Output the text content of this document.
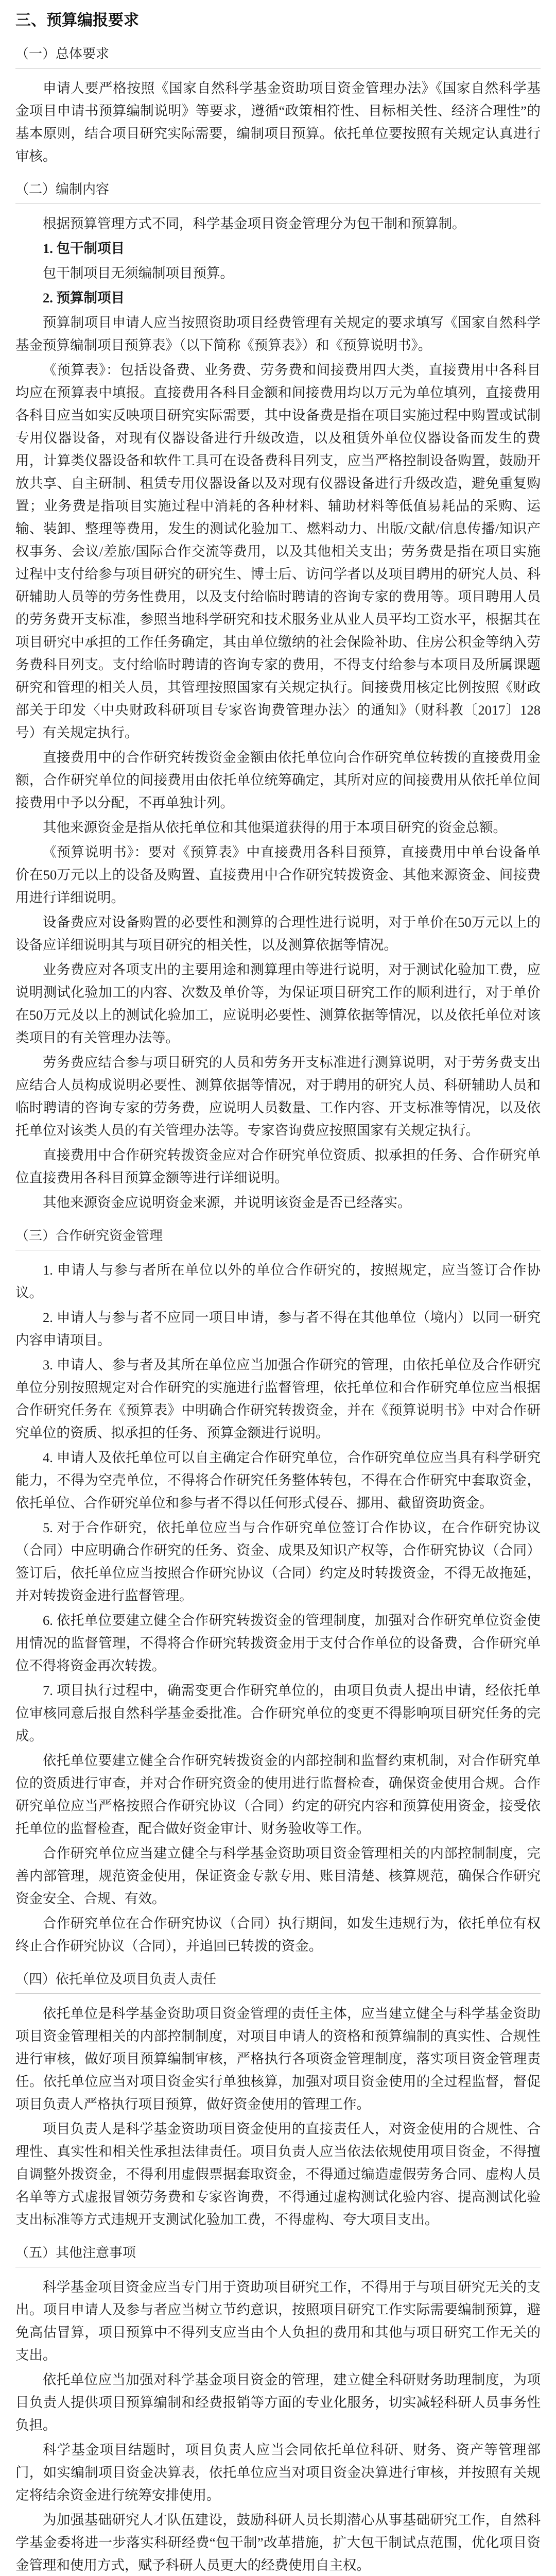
三、预算编报要求
（一）总体要求

申请人要严格按照《国家自然科学基金资助项目资金管理办法》《国家自然科学基金项目申请书预算编制说明》等要求，遵循“政策相符性、目标相关性、经济合理性”的基本原则，结合项目研究实际需要，编制项目预算。依托单位要按照有关规定认真进行审核。

（二）编制内容

根据预算管理方式不同，科学基金项目资金管理分为包干制和预算制。

1. 包干制项目

包干制项目无须编制项目预算。

2. 预算制项目

预算制项目申请人应当按照资助项目经费管理有关规定的要求填写《国家自然科学基金预算编制项目预算表》（以下简称《预算表》）和《预算说明书》。

《预算表》：包括设备费、业务费、劳务费和间接费用四大类，直接费用中各科目均应在预算表中填报。直接费用各科目金额和间接费用均以万元为单位填列，直接费用各科目应当如实反映项目研究实际需要，其中设备费是指在项目实施过程中购置或试制专用仪器设备，对现有仪器设备进行升级改造，以及租赁外单位仪器设备而发生的费用，计算类仪器设备和软件工具可在设备费科目列支，应当严格控制设备购置，鼓励开放共享、自主研制、租赁专用仪器设备以及对现有仪器设备进行升级改造，避免重复购置；业务费是指项目实施过程中消耗的各种材料、辅助材料等低值易耗品的采购、运输、装卸、整理等费用，发生的测试化验加工、燃料动力、出版/文献/信息传播/知识产权事务、会议/差旅/国际合作交流等费用，以及其他相关支出；劳务费是指在项目实施过程中支付给参与项目研究的研究生、博士后、访问学者以及项目聘用的研究人员、科研辅助人员等的劳务性费用，以及支付给临时聘请的咨询专家的费用等。项目聘用人员的劳务费开支标准，参照当地科学研究和技术服务业从业人员平均工资水平，根据其在项目研究中承担的工作任务确定，其由单位缴纳的社会保险补助、住房公积金等纳入劳务费科目列支。支付给临时聘请的咨询专家的费用，不得支付给参与本项目及所属课题研究和管理的相关人员，其管理按照国家有关规定执行。间接费用核定比例按照《财政部关于印发〈中央财政科研项目专家咨询费管理办法〉的通知》（财科教〔2017〕128号）有关规定执行。

直接费用中的合作研究转拨资金金额由依托单位向合作研究单位转拨的直接费用金额，合作研究单位的间接费用由依托单位统筹确定，其所对应的间接费用从依托单位间接费用中予以分配，不再单独计列。

其他来源资金是指从依托单位和其他渠道获得的用于本项目研究的资金总额。

《预算说明书》：要对《预算表》中直接费用各科目预算，直接费用中单台设备单价在50万元以上的设备及购置、直接费用中合作研究转拨资金、其他来源资金、间接费用进行详细说明。

设备费应对设备购置的必要性和测算的合理性进行说明，对于单价在50万元以上的设备应详细说明其与项目研究的相关性，以及测算依据等情况。

业务费应对各项支出的主要用途和测算理由等进行说明，对于测试化验加工费，应说明测试化验加工的内容、次数及单价等，为保证项目研究工作的顺利进行，对于单价在50万元及以上的测试化验加工，应说明必要性、测算依据等情况，以及依托单位对该类项目的有关管理办法等。

劳务费应结合参与项目研究的人员和劳务开支标准进行测算说明，对于劳务费支出应结合人员构成说明必要性、测算依据等情况，对于聘用的研究人员、科研辅助人员和临时聘请的咨询专家的劳务费，应说明人员数量、工作内容、开支标准等情况，以及依托单位对该类人员的有关管理办法等。专家咨询费应按照国家有关规定执行。

直接费用中合作研究转拨资金应对合作研究单位资质、拟承担的任务、合作研究单位直接费用各科目预算金额等进行详细说明。

其他来源资金应说明资金来源，并说明该资金是否已经落实。

（三）合作研究资金管理

1. 申请人与参与者所在单位以外的单位合作研究的，按照规定，应当签订合作协议。

2. 申请人与参与者不应同一项目申请，参与者不得在其他单位（境内）以同一研究内容申请项目。

3. 申请人、参与者及其所在单位应当加强合作研究的管理，由依托单位及合作研究单位分别按照规定对合作研究的实施进行监督管理，依托单位和合作研究单位应当根据合作研究任务在《预算表》中明确合作研究转拨资金，并在《预算说明书》中对合作研究单位的资质、拟承担的任务、预算金额进行说明。

4. 申请人及依托单位可以自主确定合作研究单位，合作研究单位应当具有科学研究能力，不得为空壳单位，不得将合作研究任务整体转包，不得在合作研究中套取资金，依托单位、合作研究单位和参与者不得以任何形式侵吞、挪用、截留资助资金。

5. 对于合作研究，依托单位应当与合作研究单位签订合作协议，在合作研究协议（合同）中应明确合作研究的任务、资金、成果及知识产权等，合作研究协议（合同）签订后，依托单位应当按照合作研究协议（合同）约定及时转拨资金，不得无故拖延，并对转拨资金进行监督管理。

6. 依托单位要建立健全合作研究转拨资金的管理制度，加强对合作研究单位资金使用情况的监督管理，不得将合作研究转拨资金用于支付合作单位的设备费，合作研究单位不得将资金再次转拨。

7. 项目执行过程中，确需变更合作研究单位的，由项目负责人提出申请，经依托单位审核同意后报自然科学基金委批准。合作研究单位的变更不得影响项目研究任务的完成。

依托单位要建立健全合作研究转拨资金的内部控制和监督约束机制，对合作研究单位的资质进行审查，并对合作研究资金的使用进行监督检查，确保资金使用合规。合作研究单位应当严格按照合作研究协议（合同）约定的研究内容和预算使用资金，接受依托单位的监督检查，配合做好资金审计、财务验收等工作。

合作研究单位应当建立健全与科学基金资助项目资金管理相关的内部控制制度，完善内部管理，规范资金使用，保证资金专款专用、账目清楚、核算规范，确保合作研究资金安全、合规、有效。

合作研究单位在合作研究协议（合同）执行期间，如发生违规行为，依托单位有权终止合作研究协议（合同），并追回已转拨的资金。

（四）依托单位及项目负责人责任

依托单位是科学基金资助项目资金管理的责任主体，应当建立健全与科学基金资助项目资金管理相关的内部控制制度，对项目申请人的资格和预算编制的真实性、合规性进行审核，做好项目预算编制审核，严格执行各项资金管理制度，落实项目资金管理责任。依托单位应当对项目资金实行单独核算，加强对项目资金使用的全过程监督，督促项目负责人严格执行项目预算，做好资金使用的管理工作。

项目负责人是科学基金资助项目资金使用的直接责任人，对资金使用的合规性、合理性、真实性和相关性承担法律责任。项目负责人应当依法依规使用项目资金，不得擅自调整外拨资金，不得利用虚假票据套取资金，不得通过编造虚假劳务合同、虚构人员名单等方式虚报冒领劳务费和专家咨询费，不得通过虚构测试化验内容、提高测试化验支出标准等方式违规开支测试化验加工费，不得虚构、夸大项目支出。

（五）其他注意事项

科学基金项目资金应当专门用于资助项目研究工作，不得用于与项目研究无关的支出。项目申请人及参与者应当树立节约意识，按照项目研究工作实际需要编制预算，避免高估冒算，项目预算中不得列支应当由个人负担的费用和其他与项目研究工作无关的支出。

依托单位应当加强对科学基金项目资金的管理，建立健全科研财务助理制度，为项目负责人提供项目预算编制和经费报销等方面的专业化服务，切实减轻科研人员事务性负担。

科学基金项目结题时，项目负责人应当会同依托单位科研、财务、资产等管理部门，如实编制项目资金决算表，依托单位应当对项目资金决算进行审核，并按照有关规定将结余资金进行统筹安排使用。

为加强基础研究人才队伍建设，鼓励科研人员长期潜心从事基础研究工作，自然科学基金委将进一步落实科研经费“包干制”改革措施，扩大包干制试点范围，优化项目资金管理和使用方式，赋予科研人员更大的经费使用自主权。
